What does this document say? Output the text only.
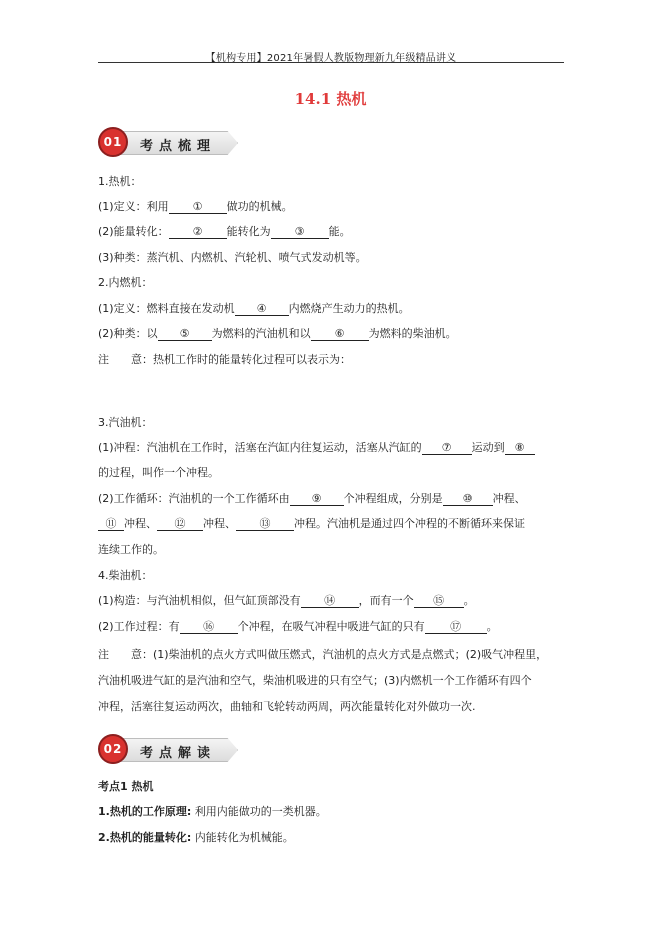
【机构专用】2021年暑假人教版物理新九年级精品讲义
14.1 热机
01	考点梳理
1.热机：
(1)定义：利用 ① 做功的机械。
(2)能量转化： ② 能转化为 ③ 能。
(3)种类：蒸汽机、内燃机、汽轮机、喷气式发动机等。
2.内燃机：
(1)定义：燃料直接在发动机 ④ 内燃烧产生动力的热机。
(2)种类：以 ⑤ 为燃料的汽油机和以 ⑥ 为燃料的柴油机。
注　　意：热机工作时的能量转化过程可以表示为：
3.汽油机：
(1)冲程：汽油机在工作时，活塞在汽缸内往复运动，活塞从汽缸的 ⑦ 运动到 ⑧
的过程，叫作一个冲程。
(2)工作循环：汽油机的一个工作循环由 ⑨ 个冲程组成，分别是 ⑩ 冲程、
⑪ 冲程、 ⑫ 冲程、 ⑬ 冲程。汽油机是通过四个冲程的不断循环来保证
连续工作的。
4.柴油机：
(1)构造：与汽油机相似，但气缸顶部没有 ⑭ ，而有一个 ⑮ 。
(2)工作过程：有 ⑯ 个冲程，在吸气冲程中吸进气缸的只有 ⑰ 。
注　　意：(1)柴油机的点火方式叫做压燃式，汽油机的点火方式是点燃式；(2)吸气冲程里，
汽油机吸进气缸的是汽油和空气，柴油机吸进的只有空气；(3)内燃机一个工作循环有四个
冲程，活塞往复运动两次，曲轴和飞轮转动两周，两次能量转化对外做功一次.
02	考点解读
考点1 热机
1.热机的工作原理: 利用内能做功的一类机器。
2.热机的能量转化: 内能转化为机械能。
